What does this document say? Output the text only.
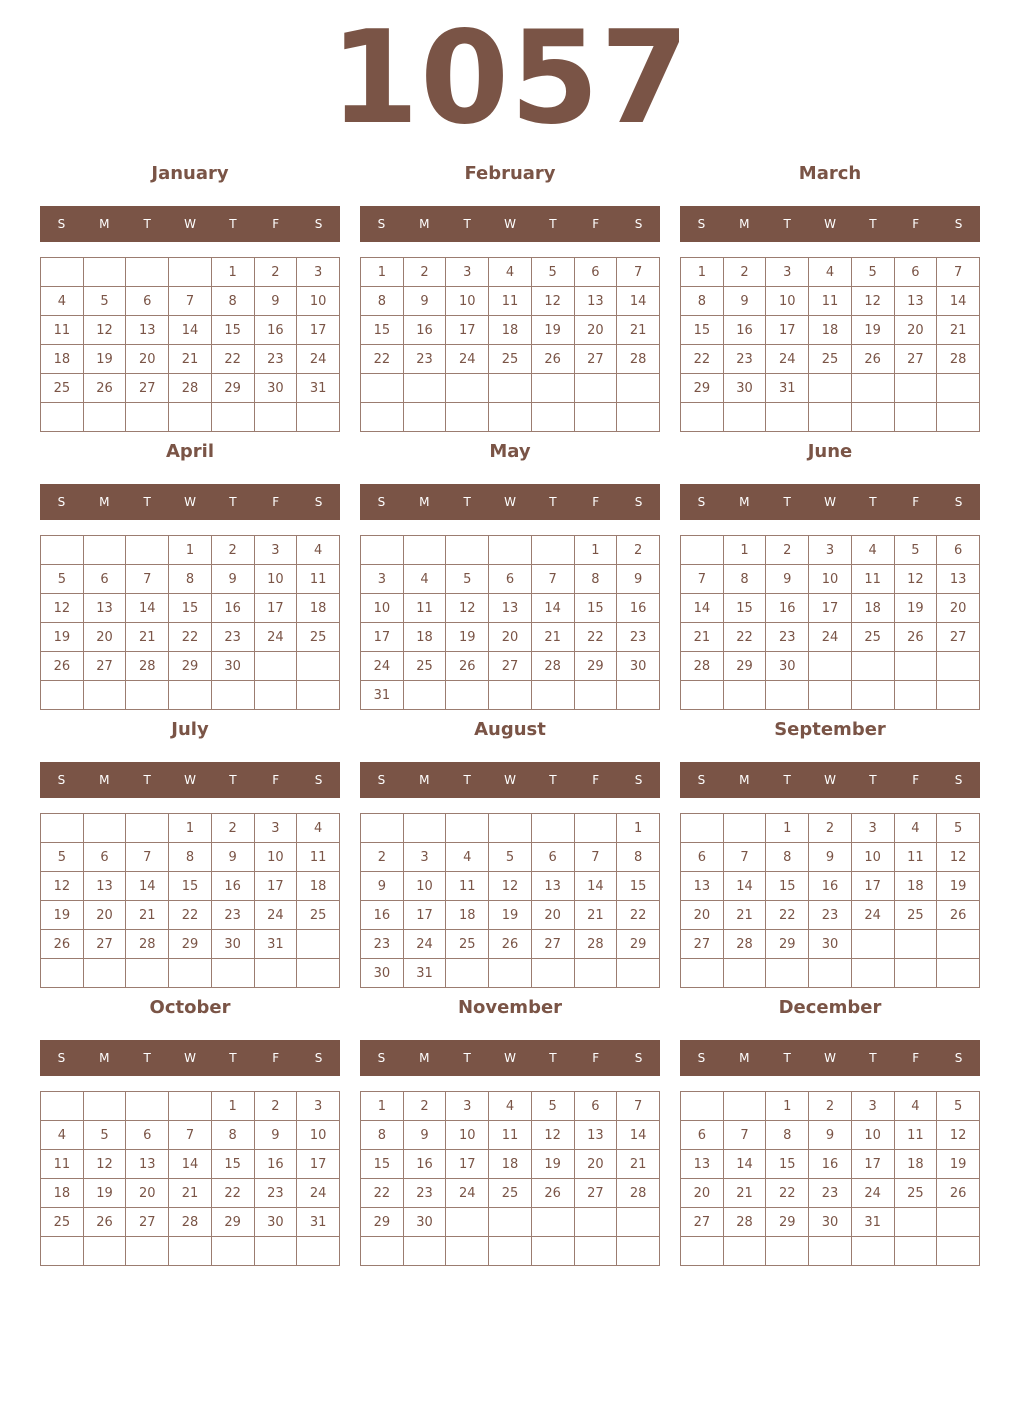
1057
January
S	M	T	W	T	F	S
				1	2	3
4	5	6	7	8	9	10
11	12	13	14	15	16	17
18	19	20	21	22	23	24
25	26	27	28	29	30	31

February
S	M	T	W	T	F	S
1	2	3	4	5	6	7
8	9	10	11	12	13	14
15	16	17	18	19	20	21
22	23	24	25	26	27	28

March
S	M	T	W	T	F	S
1	2	3	4	5	6	7
8	9	10	11	12	13	14
15	16	17	18	19	20	21
22	23	24	25	26	27	28
29	30	31				

April
S	M	T	W	T	F	S
			1	2	3	4
5	6	7	8	9	10	11
12	13	14	15	16	17	18
19	20	21	22	23	24	25
26	27	28	29	30		

May
S	M	T	W	T	F	S
					1	2
3	4	5	6	7	8	9
10	11	12	13	14	15	16
17	18	19	20	21	22	23
24	25	26	27	28	29	30
31						
June
S	M	T	W	T	F	S
	1	2	3	4	5	6
7	8	9	10	11	12	13
14	15	16	17	18	19	20
21	22	23	24	25	26	27
28	29	30				

July
S	M	T	W	T	F	S
			1	2	3	4
5	6	7	8	9	10	11
12	13	14	15	16	17	18
19	20	21	22	23	24	25
26	27	28	29	30	31	

August
S	M	T	W	T	F	S
						1
2	3	4	5	6	7	8
9	10	11	12	13	14	15
16	17	18	19	20	21	22
23	24	25	26	27	28	29
30	31					
September
S	M	T	W	T	F	S
		1	2	3	4	5
6	7	8	9	10	11	12
13	14	15	16	17	18	19
20	21	22	23	24	25	26
27	28	29	30			

October
S	M	T	W	T	F	S
				1	2	3
4	5	6	7	8	9	10
11	12	13	14	15	16	17
18	19	20	21	22	23	24
25	26	27	28	29	30	31

November
S	M	T	W	T	F	S
1	2	3	4	5	6	7
8	9	10	11	12	13	14
15	16	17	18	19	20	21
22	23	24	25	26	27	28
29	30					

December
S	M	T	W	T	F	S
		1	2	3	4	5
6	7	8	9	10	11	12
13	14	15	16	17	18	19
20	21	22	23	24	25	26
27	28	29	30	31		
